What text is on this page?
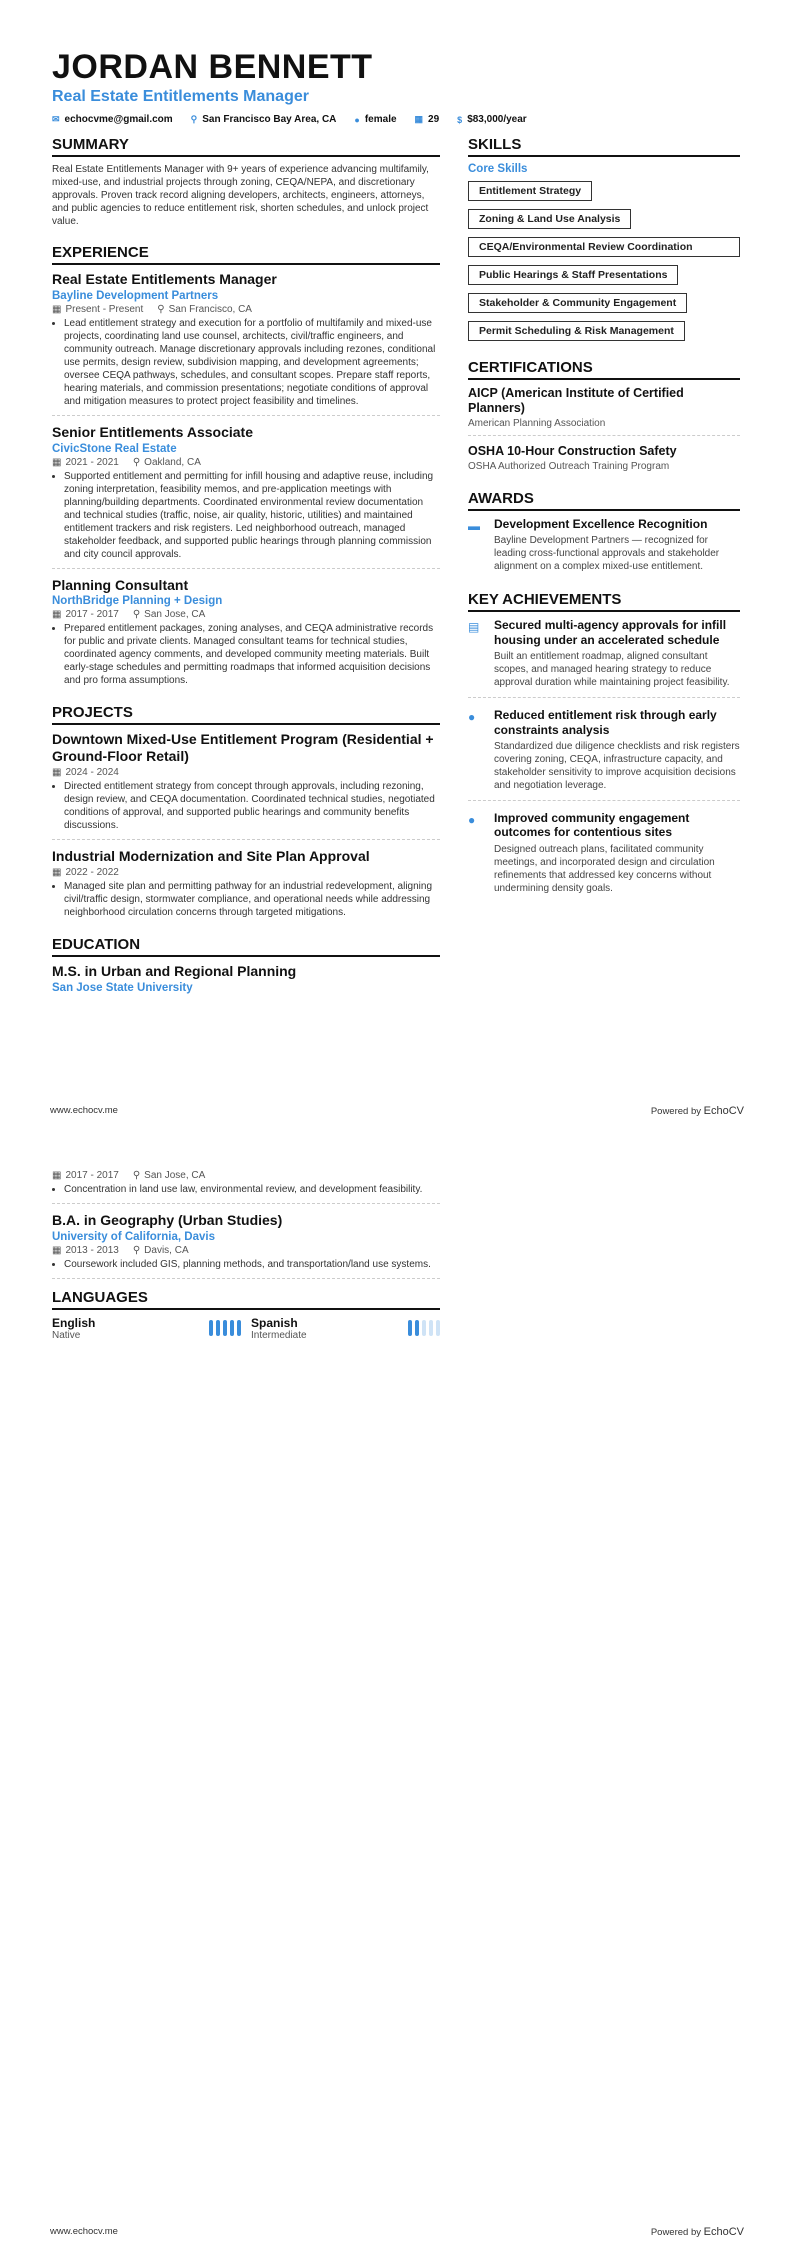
JORDAN BENNETT
Real Estate Entitlements Manager
✉ echocvme@gmail.com ⚲ San Francisco Bay Area, CA ● female ▦ 29 $ $83,000/year
SUMMARY

Real Estate Entitlements Manager with 9+ years of experience advancing multifamily, mixed-use, and industrial projects through zoning, CEQA/NEPA, and discretionary approvals. Proven track record aligning developers, architects, engineers, attorneys, and public agencies to reduce entitlement risk, shorten schedules, and unlock project value.

EXPERIENCE
Real Estate Entitlements Manager
Bayline Development Partners
▦ Present - Present ⚲ San Francisco, CA
• Lead entitlement strategy and execution for a portfolio of multifamily and mixed-use projects, coordinating land use counsel, architects, civil/traffic engineers, and community outreach. Manage discretionary approvals including rezones, conditional use permits, design review, subdivision mapping, and development agreements; oversee CEQA pathways, schedules, and consultant scopes. Prepare staff reports, hearing materials, and commission presentations; negotiate conditions of approval and mitigation measures to protect project feasibility and timelines.
Senior Entitlements Associate
CivicStone Real Estate
▦ 2021 - 2021 ⚲ Oakland, CA
• Supported entitlement and permitting for infill housing and adaptive reuse, including zoning interpretation, feasibility memos, and pre-application meetings with planning/building departments. Coordinated environmental review documentation and technical studies (traffic, noise, air quality, historic, utilities) and maintained entitlement trackers and risk registers. Led neighborhood outreach, managed stakeholder feedback, and supported public hearings through planning commission and city council approvals.
Planning Consultant
NorthBridge Planning + Design
▦ 2017 - 2017 ⚲ San Jose, CA
• Prepared entitlement packages, zoning analyses, and CEQA administrative records for public and private clients. Managed consultant teams for technical studies, coordinated agency comments, and developed community meeting materials. Built early-stage schedules and permitting roadmaps that informed acquisition decisions and pro forma assumptions.
PROJECTS
Downtown Mixed-Use Entitlement Program (Residential + Ground-Floor Retail)
▦ 2024 - 2024
• Directed entitlement strategy from concept through approvals, including rezoning, design review, and CEQA documentation. Coordinated technical studies, negotiated conditions of approval, and supported public hearings and community benefits discussions.
Industrial Modernization and Site Plan Approval
▦ 2022 - 2022
• Managed site plan and permitting pathway for an industrial redevelopment, aligning civil/traffic design, stormwater compliance, and operational needs while addressing neighborhood circulation concerns through targeted mitigations.
EDUCATION
M.S. in Urban and Regional Planning
San Jose State University
SKILLS
Core Skills
Entitlement Strategy
Zoning & Land Use Analysis
CEQA/Environmental Review Coordination
Public Hearings & Staff Presentations
Stakeholder & Community Engagement
Permit Scheduling & Risk Management
CERTIFICATIONS
AICP (American Institute of Certified Planners)
American Planning Association
OSHA 10-Hour Construction Safety
OSHA Authorized Outreach Training Program
AWARDS
▬	Development Excellence Recognition
Bayline Development Partners — recognized for leading cross-functional approvals and stakeholder alignment on a complex mixed-use entitlement.
KEY ACHIEVEMENTS
▤	Secured multi-agency approvals for infill housing under an accelerated schedule
Built an entitlement roadmap, aligned consultant scopes, and managed hearing strategy to reduce approval duration while maintaining project feasibility.
●	Reduced entitlement risk through early constraints analysis
Standardized due diligence checklists and risk registers covering zoning, CEQA, infrastructure capacity, and stakeholder sensitivity to improve acquisition decisions and negotiation leverage.
●	Improved community engagement outcomes for contentious sites
Designed outreach plans, facilitated community meetings, and incorporated design and circulation refinements that addressed key concerns without undermining density goals.
www.echocv.me	Powered by EchoCV
▦ 2017 - 2017 ⚲ San Jose, CA
• Concentration in land use law, environmental review, and development feasibility.
B.A. in Geography (Urban Studies)
University of California, Davis
▦ 2013 - 2013 ⚲ Davis, CA
• Coursework included GIS, planning methods, and transportation/land use systems.
LANGUAGES
English
Native
Spanish
Intermediate
www.echocv.me	Powered by EchoCV
